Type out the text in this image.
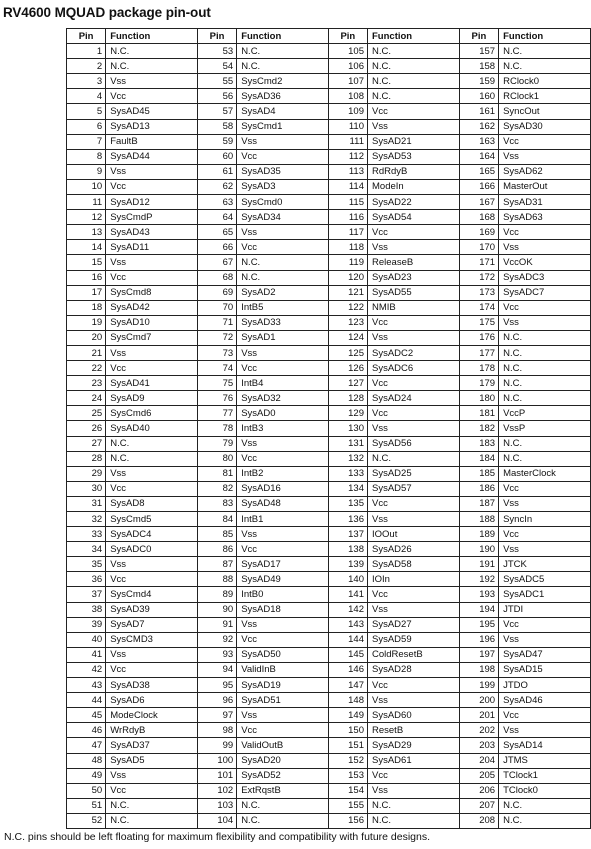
RV4600 MQUAD package pin-out
Pin	Function	Pin	Function	Pin	Function	Pin	Function
1	N.C.	53	N.C.	105	N.C.	157	N.C.
2	N.C.	54	N.C.	106	N.C.	158	N.C.
3	Vss	55	SysCmd2	107	N.C.	159	RClock0
4	Vcc	56	SysAD36	108	N.C.	160	RClock1
5	SysAD45	57	SysAD4	109	Vcc	161	SyncOut
6	SysAD13	58	SysCmd1	110	Vss	162	SysAD30
7	FaultB	59	Vss	111	SysAD21	163	Vcc
8	SysAD44	60	Vcc	112	SysAD53	164	Vss
9	Vss	61	SysAD35	113	RdRdyB	165	SysAD62
10	Vcc	62	SysAD3	114	ModeIn	166	MasterOut
11	SysAD12	63	SysCmd0	115	SysAD22	167	SysAD31
12	SysCmdP	64	SysAD34	116	SysAD54	168	SysAD63
13	SysAD43	65	Vss	117	Vcc	169	Vcc
14	SysAD11	66	Vcc	118	Vss	170	Vss
15	Vss	67	N.C.	119	ReleaseB	171	VccOK
16	Vcc	68	N.C.	120	SysAD23	172	SysADC3
17	SysCmd8	69	SysAD2	121	SysAD55	173	SysADC7
18	SysAD42	70	IntB5	122	NMIB	174	Vcc
19	SysAD10	71	SysAD33	123	Vcc	175	Vss
20	SysCmd7	72	SysAD1	124	Vss	176	N.C.
21	Vss	73	Vss	125	SysADC2	177	N.C.
22	Vcc	74	Vcc	126	SysADC6	178	N.C.
23	SysAD41	75	IntB4	127	Vcc	179	N.C.
24	SysAD9	76	SysAD32	128	SysAD24	180	N.C.
25	SysCmd6	77	SysAD0	129	Vcc	181	VccP
26	SysAD40	78	IntB3	130	Vss	182	VssP
27	N.C.	79	Vss	131	SysAD56	183	N.C.
28	N.C.	80	Vcc	132	N.C.	184	N.C.
29	Vss	81	IntB2	133	SysAD25	185	MasterClock
30	Vcc	82	SysAD16	134	SysAD57	186	Vcc
31	SysAD8	83	SysAD48	135	Vcc	187	Vss
32	SysCmd5	84	IntB1	136	Vss	188	SyncIn
33	SysADC4	85	Vss	137	IOOut	189	Vcc
34	SysADC0	86	Vcc	138	SysAD26	190	Vss
35	Vss	87	SysAD17	139	SysAD58	191	JTCK
36	Vcc	88	SysAD49	140	IOIn	192	SysADC5
37	SysCmd4	89	IntB0	141	Vcc	193	SysADC1
38	SysAD39	90	SysAD18	142	Vss	194	JTDI
39	SysAD7	91	Vss	143	SysAD27	195	Vcc
40	SysCMD3	92	Vcc	144	SysAD59	196	Vss
41	Vss	93	SysAD50	145	ColdResetB	197	SysAD47
42	Vcc	94	ValidInB	146	SysAD28	198	SysAD15
43	SysAD38	95	SysAD19	147	Vcc	199	JTDO
44	SysAD6	96	SysAD51	148	Vss	200	SysAD46
45	ModeClock	97	Vss	149	SysAD60	201	Vcc
46	WrRdyB	98	Vcc	150	ResetB	202	Vss
47	SysAD37	99	ValidOutB	151	SysAD29	203	SysAD14
48	SysAD5	100	SysAD20	152	SysAD61	204	JTMS
49	Vss	101	SysAD52	153	Vcc	205	TClock1
50	Vcc	102	ExtRqstB	154	Vss	206	TClock0
51	N.C.	103	N.C.	155	N.C.	207	N.C.
52	N.C.	104	N.C.	156	N.C.	208	N.C.
N.C. pins should be left floating for maximum flexibility and compatibility with future designs.
